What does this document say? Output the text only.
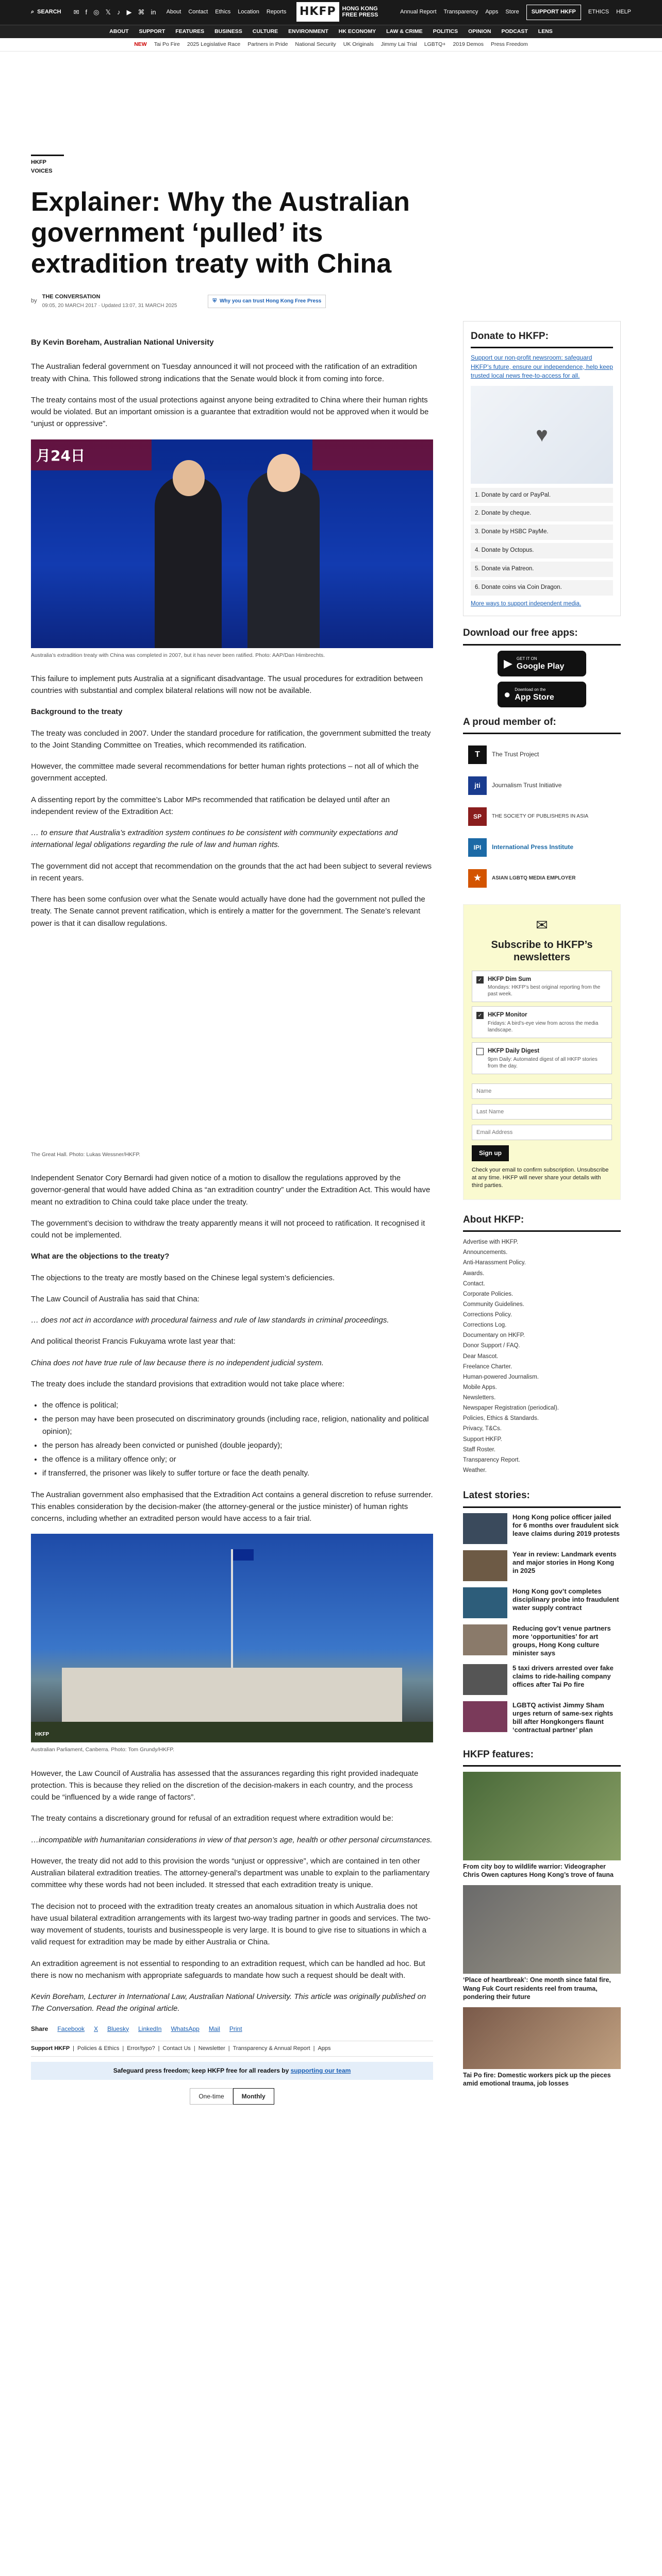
⌕ SEARCH ✉ f ◎ 𝕏 ♪ ▶ ⌘ in About Contact Ethics Location Reports HKFP	HONG KONG
FREE PRESS	Annual Report Transparency Apps Store	SUPPORT HKFP	ETHICS HELP
ABOUT SUPPORT FEATURES BUSINESS CULTURE ENVIRONMENT HK ECONOMY LAW & CRIME POLITICS OPINION PODCAST LENS
NEW Tai Po Fire 2025 Legislative Race Partners in Pride National Security UK Originals Jimmy Lai Trial LGBTQ+ 2019 Demos Press Freedom
HKFP VOICES
Explainer: Why the Australian government ‘pulled’ its extradition treaty with China
by
THE CONVERSATION
09:05, 20 MARCH 2017 · Updated 13:07, 31 MARCH 2025
⛨ Why you can trust Hong Kong Free Press
By Kevin Boreham, Australian National University

The Australian federal government on Tuesday announced it will not proceed with the ratification of an extradition treaty with China. This followed strong indications that the Senate would block it from coming into force.

The treaty contains most of the usual protections against anyone being extradited to China where their human rights would be violated. But an important omission is a guarantee that extradition would not be approved when it would be “unjust or oppressive”.

月24日
Australia’s extradition treaty with China was completed in 2007, but it has never been ratified. Photo: AAP/Dan Himbrechts.

This failure to implement puts Australia at a significant disadvantage. The usual procedures for extradition between countries with substantial and complex bilateral relations will now not be available.

Background to the treaty

The treaty was concluded in 2007. Under the standard procedure for ratification, the government submitted the treaty to the Joint Standing Committee on Treaties, which recommended its ratification.

However, the committee made several recommendations for better human rights protections – not all of which the government accepted.

A dissenting report by the committee’s Labor MPs recommended that ratification be delayed until after an independent review of the Extradition Act:

… to ensure that Australia’s extradition system continues to be consistent with community expectations and international legal obligations regarding the rule of law and human rights.

The government did not accept that recommendation on the grounds that the act had been subject to several reviews in recent years.

There has been some confusion over what the Senate would actually have done had the government not pulled the treaty. The Senate cannot prevent ratification, which is entirely a matter for the government. The Senate’s relevant power is that it can disallow regulations.

The Great Hall. Photo: Lukas Wessner/HKFP.

Independent Senator Cory Bernardi had given notice of a motion to disallow the regulations approved by the governor-general that would have added China as “an extradition country” under the Extradition Act. This would have meant no extradition to China could take place under the treaty.

The government’s decision to withdraw the treaty apparently means it will not proceed to ratification. It recognised it could not be implemented.

What are the objections to the treaty?

The objections to the treaty are mostly based on the Chinese legal system’s deficiencies.

The Law Council of Australia has said that China:

… does not act in accordance with procedural fairness and rule of law standards in criminal proceedings.

And political theorist Francis Fukuyama wrote last year that:

China does not have true rule of law because there is no independent judicial system.

The treaty does include the standard provisions that extradition would not take place where:

• the offence is political;
• the person may have been prosecuted on discriminatory grounds (including race, religion, nationality and political opinion);
• the person has already been convicted or punished (double jeopardy);
• the offence is a military offence only; or
• if transferred, the prisoner was likely to suffer torture or face the death penalty.

The Australian government also emphasised that the Extradition Act contains a general discretion to refuse surrender. This enables consideration by the decision-maker (the attorney-general or the justice minister) of human rights concerns, including whether an extradited person would have access to a fair trial.

HKFP
Australian Parliament, Canberra. Photo: Tom Grundy/HKFP.

However, the Law Council of Australia has assessed that the assurances regarding this right provided inadequate protection. This is because they relied on the discretion of the decision-makers in each country, and the process could be “influenced by a wide range of factors”.

The treaty contains a discretionary ground for refusal of an extradition request where extradition would be:

…incompatible with humanitarian considerations in view of that person’s age, health or other personal circumstances.

However, the treaty did not add to this provision the words “unjust or oppressive”, which are contained in ten other Australian bilateral extradition treaties. The attorney-general’s department was unable to explain to the parliamentary committee why these words had not been included. It stressed that each extradition treaty is unique.

The decision not to proceed with the extradition treaty creates an anomalous situation in which Australia does not have usual bilateral extradition arrangements with its largest two-way trading partner in goods and services. The two-way movement of students, tourists and businesspeople is very large. It is bound to give rise to situations in which a valid request for extradition may be made by either Australia or China.

An extradition agreement is not essential to responding to an extradition request, which can be handled ad hoc. But there is now no mechanism with appropriate safeguards to mandate how such a request should be dealt with.

Kevin Boreham, Lecturer in International Law, Australian National University. This article was originally published on The Conversation. Read the original article.

Share Facebook X Bluesky LinkedIn WhatsApp Mail Print
Support HKFP | Policies & Ethics | Error/typo? | Contact Us | Newsletter | Transparency & Annual Report | Apps
Safeguard press freedom; keep HKFP free for all readers by supporting our team
One-time	Monthly
Donate to HKFP:

Support our non-profit newsroom: safeguard HKFP’s future, ensure our independence, help keep trusted local news free-to-access for all.

♥
1. Donate by card or PayPal.
2. Donate by cheque.
3. Donate by HSBC PayMe.
4. Donate by Octopus.
5. Donate via Patreon.
6. Donate coins via Coin Dragon.
More ways to support independent media.
Download our free apps:
▶ GET IT ON
Google Play
● Download on the
App Store
A proud member of:
T	The Trust Project
jti	Journalism Trust Initiative
SP	THE SOCIETY OF PUBLISHERS IN ASIA
IPI	International Press Institute
★	ASIAN LGBTQ MEDIA EMPLOYER
✉
Subscribe to HKFP’s newsletters
✓ HKFP Dim Sum
Mondays: HKFP’s best original reporting from the past week.
✓ HKFP Monitor
Fridays: A bird’s-eye view from across the media landscape.
HKFP Daily Digest
9pm Daily: Automated digest of all HKFP stories from the day.
Name Last Name Email Address Sign up
Check your email to confirm subscription. Unsubscribe at any time. HKFP will never share your details with third parties.
About HKFP:
Advertise with HKFP.
Announcements.
Anti-Harassment Policy.
Awards.
Contact.
Corporate Policies.
Community Guidelines.
Corrections Policy.
Corrections Log.
Documentary on HKFP.
Donor Support / FAQ.
Dear Mascot.
Freelance Charter.
Human-powered Journalism.
Mobile Apps.
Newsletters.
Newspaper Registration (periodical).
Policies, Ethics & Standards.
Privacy, T&Cs.
Support HKFP.
Staff Roster.
Transparency Report.
Weather.
Latest stories:
Hong Kong police officer jailed for 6 months over fraudulent sick leave claims during 2019 protests
Year in review: Landmark events and major stories in Hong Kong in 2025
Hong Kong gov’t completes disciplinary probe into fraudulent water supply contract
Reducing gov’t venue partners more ‘opportunities’ for art groups, Hong Kong culture minister says
5 taxi drivers arrested over fake claims to ride-hailing company offices after Tai Po fire
LGBTQ activist Jimmy Sham urges return of same-sex rights bill after Hongkongers flaunt ‘contractual partner’ plan
HKFP features:
From city boy to wildlife warrior: Videographer Chris Owen captures Hong Kong’s trove of fauna
‘Place of heartbreak’: One month since fatal fire, Wang Fuk Court residents reel from trauma, pondering their future
Tai Po fire: Domestic workers pick up the pieces amid emotional trauma, job losses
